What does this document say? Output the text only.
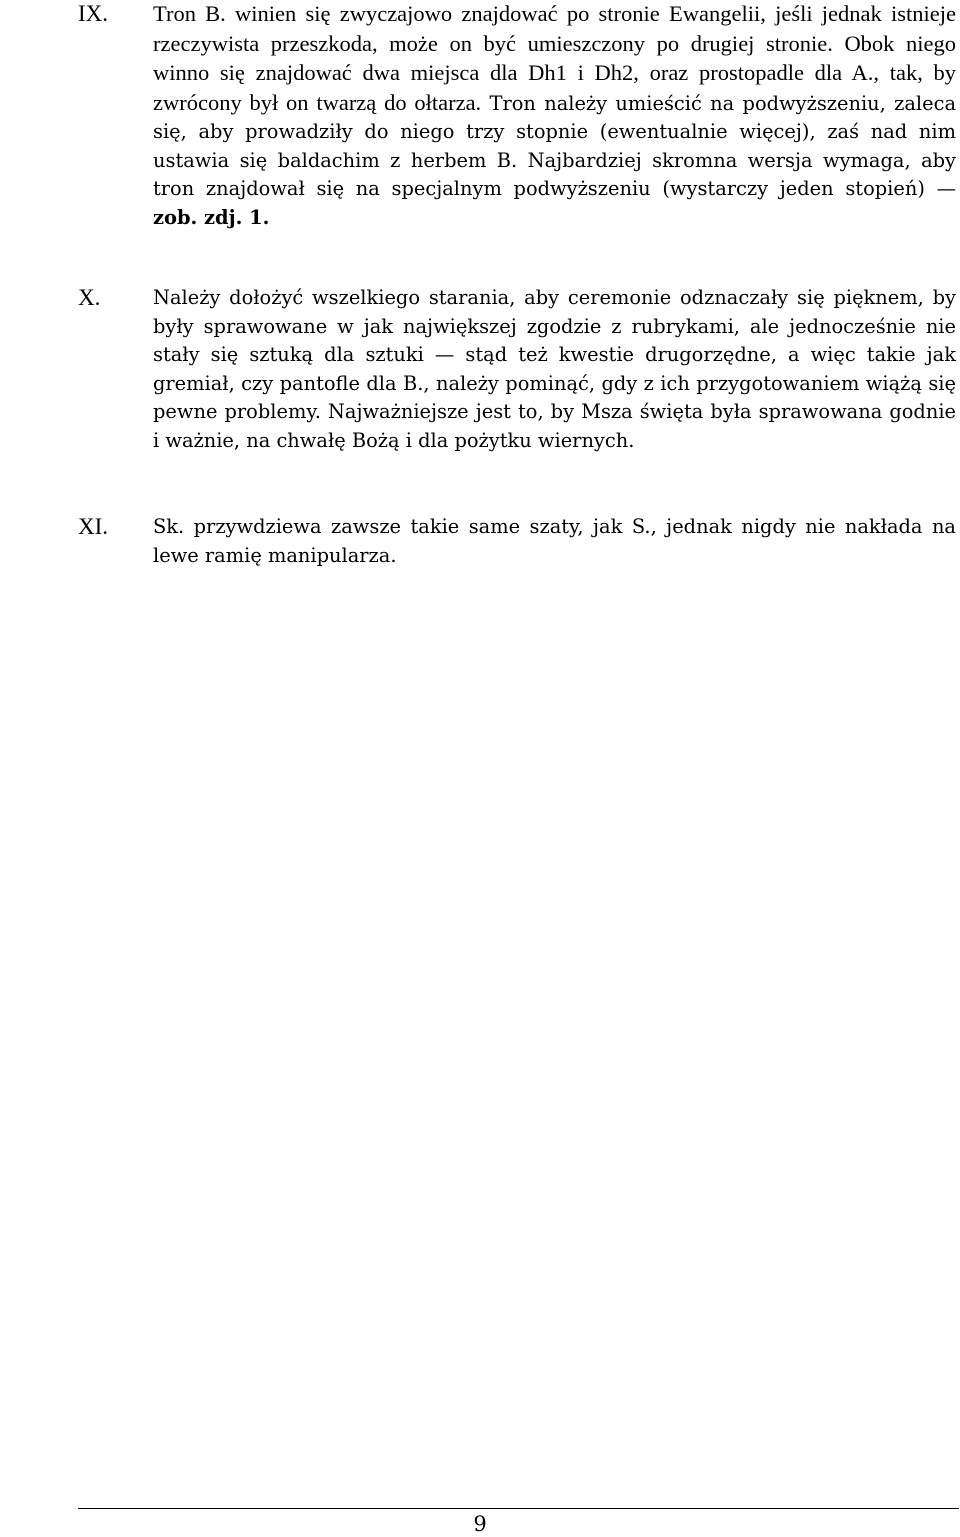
IX. Tron B. winien się zwyczajowo znajdować po stronie Ewangelii, jeśli jednak istnieje rzeczywista przeszkoda, może on być umieszczony po drugiej stronie. Obok niego winno się znajdować dwa miejsca dla Dh1 i Dh2, oraz prostopadle dla A., tak, by zwrócony był on twarzą do ołtarza. Tron należy umieścić na podwyższeniu, zaleca się, aby prowadziły do niego trzy stopnie (ewentualnie więcej), zaś nad nim ustawia się baldachim z herbem B. Najbardziej skromna wersja wymaga, aby tron znajdował się na specjalnym podwyższeniu (wystarczy jeden stopień) — zob. zdj. 1.

X.	Należy dołożyć wszelkiego starania, aby ceremonie odznaczały się pięknem, by były sprawowane w jak największej zgodzie z rubrykami, ale jednocześnie nie stały się sztuką dla sztuki — stąd też kwestie drugorzędne, a więc takie jak gremiał, czy pantofle dla B., należy pominąć, gdy z ich przygotowaniem wiążą się pewne problemy. Najważniejsze jest to, by Msza święta była sprawowana godnie i ważnie, na chwałę Bożą i dla pożytku wiernych.

XI. Sk. przywdziewa zawsze takie same szaty, jak S., jednak nigdy nie nakłada na lewe ramię manipularza.

9
